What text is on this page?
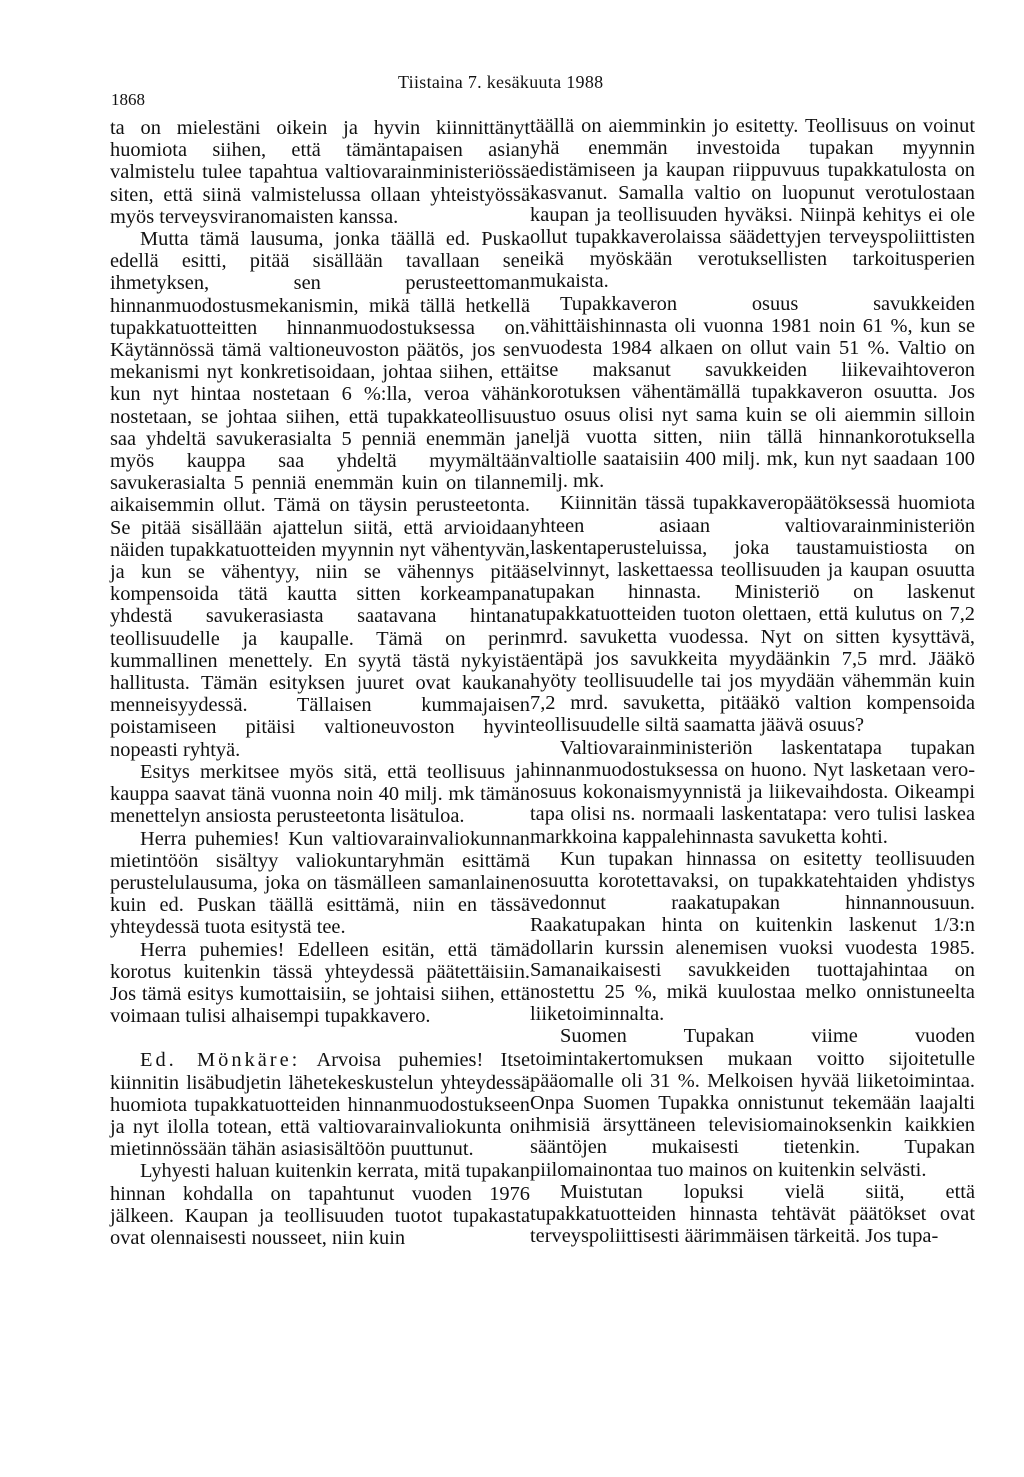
1868
Tiistaina 7. kesäkuuta 1988

ta on mielestäni oikein ja hyvin kiinnittänyt huomiota siihen, että tämäntapaisen asian valmistelu tulee tapahtua valtiovarainministeriössä siten, että siinä valmistelussa ollaan yhteistyössä myös terveysviranomaisten kanssa.

Mutta tämä lausuma, jonka täällä ed. Puska edellä esitti, pitää sisällään tavallaan sen ihmetyksen, sen perusteettoman hinnanmuodostusmekanismin, mikä tällä hetkellä tupakkatuotteitten hinnanmuodostuksessa on. Käytännössä tämä valtioneuvoston päätös, jos sen mekanismi nyt konkretisoidaan, johtaa siihen, että kun nyt hintaa nostetaan 6 %:lla, veroa vähän nostetaan, se johtaa siihen, että tupakkateollisuus saa yhdeltä savukerasialta 5 penniä enemmän ja myös kauppa saa yhdeltä myymältään savukerasialta 5 penniä enemmän kuin on tilanne aikaisemmin ollut. Tämä on täysin perusteetonta. Se pitää sisällään ajattelun siitä, että arvioidaan näiden tupakkatuotteiden myynnin nyt vähentyvän, ja kun se vähentyy, niin se vähennys pitää kompensoida tätä kautta sitten korkeampana yhdestä savukerasiasta saatavana hintana teollisuudelle ja kaupalle. Tämä on perin kummallinen menettely. En syytä tästä nykyistä hallitusta. Tämän esityksen juuret ovat kaukana menneisyydessä. Tällaisen kummajaisen poistamiseen pitäisi valtioneuvoston hyvin nopeasti ryhtyä.

Esitys merkitsee myös sitä, että teollisuus ja kauppa saavat tänä vuonna noin 40 milj. mk tämän menettelyn ansiosta perusteetonta lisätuloa.

Herra puhemies! Kun valtiovarainvaliokunnan mietintöön sisältyy valiokuntaryhmän esittämä perustelulausuma, joka on täsmälleen samanlainen kuin ed. Puskan täällä esittämä, niin en tässä yhteydessä tuota esitystä tee.

Herra puhemies! Edelleen esitän, että tämä korotus kuitenkin tässä yhteydessä päätettäisiin. Jos tämä esitys kumottaisiin, se johtaisi siihen, että voimaan tulisi alhaisempi tupakkavero.

Ed. Mönkäre: Arvoisa puhemies! Itse kiinnitin lisäbudjetin lähetekeskustelun yhteydessä huomiota tupakkatuotteiden hinnanmuodostukseen ja nyt ilolla totean, että valtiovarainvaliokunta on mietinnössään tähän asiasisältöön puuttunut.

Lyhyesti haluan kuitenkin kerrata, mitä tupakan hinnan kohdalla on tapahtunut vuoden 1976 jälkeen. Kaupan ja teollisuuden tuotot tupakasta ovat olennaisesti nousseet, niin kuin

täällä on aiemminkin jo esitetty. Teollisuus on voinut yhä enemmän investoida tupakan myynnin edistämiseen ja kaupan riippuvuus tupakkatulosta on kasvanut. Samalla valtio on luopunut verotulostaan kaupan ja teollisuuden hyväksi. Niinpä kehitys ei ole ollut tupakkaverolaissa säädettyjen terveyspoliittisten eikä myöskään verotuksellisten tarkoitusperien mukaista.

Tupakkaveron osuus savukkeiden vähittäishinnasta oli vuonna 1981 noin 61 %, kun se vuodesta 1984 alkaen on ollut vain 51 %. Valtio on itse maksanut savukkeiden liikevaihtoveron korotuksen vähentämällä tupakkaveron osuutta. Jos tuo osuus olisi nyt sama kuin se oli aiemmin silloin neljä vuotta sitten, niin tällä hinnankorotuksella valtiolle saataisiin 400 milj. mk, kun nyt saadaan 100 milj. mk.

Kiinnitän tässä tupakkaveropäätöksessä huomiota yhteen asiaan valtiovarainministeriön laskentaperusteluissa, joka taustamuistiosta on selvinnyt, laskettaessa teollisuuden ja kaupan osuutta tupakan hinnasta. Ministeriö on laskenut tupakkatuotteiden tuoton olettaen, että kulutus on 7,2 mrd. savuketta vuodessa. Nyt on sitten kysyttävä, entäpä jos savukkeita myydäänkin 7,5 mrd. Jääkö hyöty teollisuudelle tai jos myydään vähemmän kuin 7,2 mrd. savuketta, pitääkö valtion kompensoida teollisuudelle siltä saamatta jäävä osuus?

Valtiovarainministeriön laskentatapa tupakan hinnanmuodostuksessa on huono. Nyt lasketaan vero-osuus kokonaismyynnistä ja liikevaihdosta. Oikeampi tapa olisi ns. normaali laskentatapa: vero tulisi laskea markkoina kappalehinnasta savuketta kohti.

Kun tupakan hinnassa on esitetty teollisuuden osuutta korotettavaksi, on tupakkatehtaiden yhdistys vedonnut raakatupakan hinnannousuun. Raakatupakan hinta on kuitenkin laskenut 1/3:n dollarin kurssin alenemisen vuoksi vuodesta 1985. Samanaikaisesti savukkeiden tuottajahintaa on nostettu 25 %, mikä kuulostaa melko onnistuneelta liiketoiminnalta.

Suomen Tupakan viime vuoden toimintakertomuksen mukaan voitto sijoitetulle pääomalle oli 31 %. Melkoisen hyvää liiketoimintaa. Onpa Suomen Tupakka onnistunut tekemään laajalti ihmisiä ärsyttäneen televisiomainoksenkin kaikkien sääntöjen mukaisesti tietenkin. Tupakan piilomainontaa tuo mainos on kuitenkin selvästi.

Muistutan lopuksi vielä siitä, että tupakkatuotteiden hinnasta tehtävät päätökset ovat terveyspoliittisesti äärimmäisen tärkeitä. Jos tupa-
